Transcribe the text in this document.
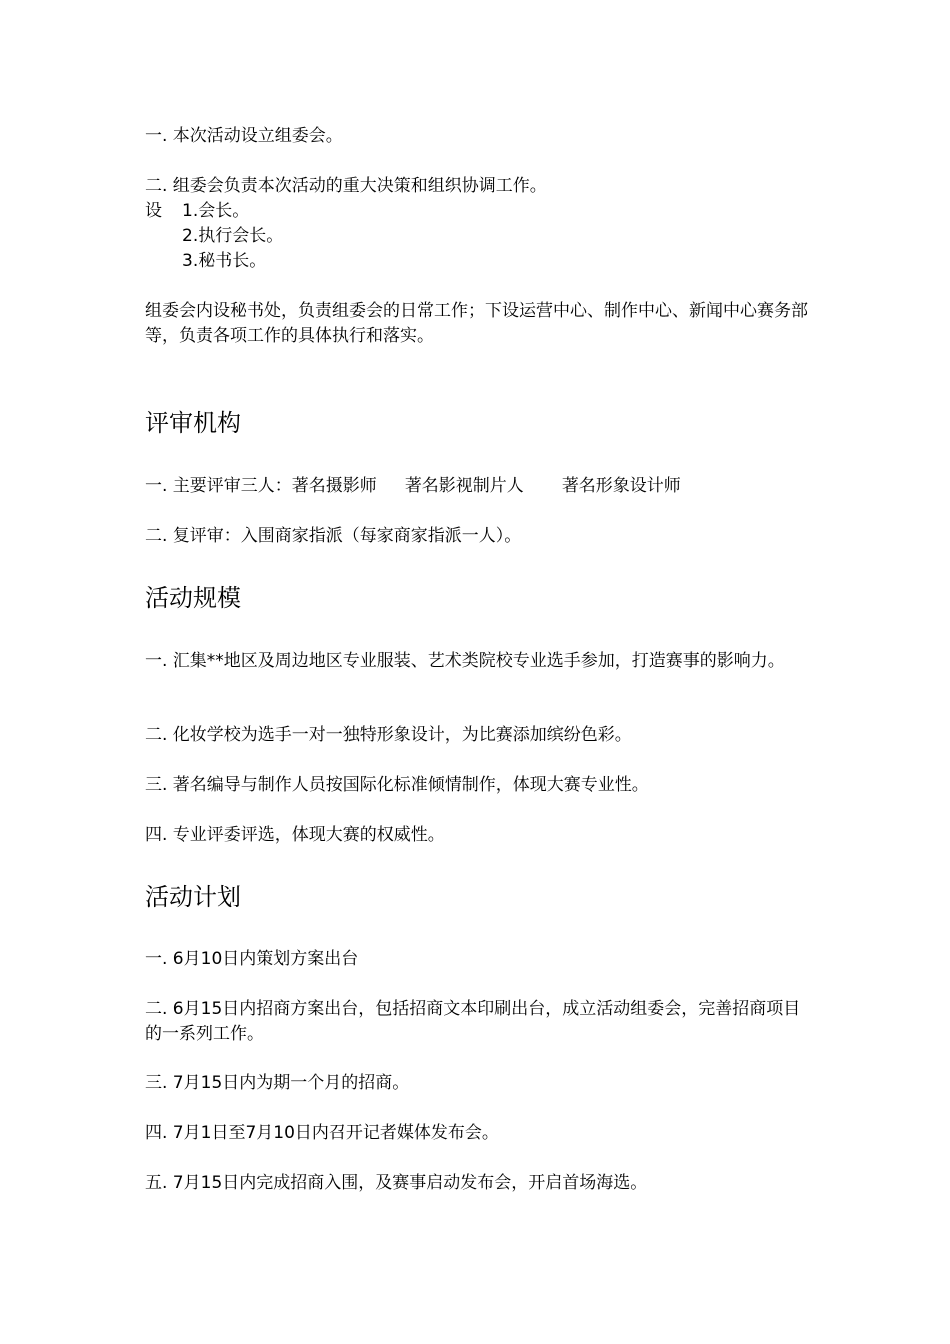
一. 本次活动设立组委会。
二. 组委会负责本次活动的重大决策和组织协调工作。
设 1.会长。
2.执行会长。
3.秘书长。
组委会内设秘书处，负责组委会的日常工作；下设运营中心、制作中心、新闻中心赛务部等，负责各项工作的具体执行和落实。
评审机构
一. 主要评审三人：著名摄影师 著名影视制片人 著名形象设计师
二. 复评审：入围商家指派（每家商家指派一人）。
活动规模
一. 汇集**地区及周边地区专业服装、艺术类院校专业选手参加，打造赛事的影响力。
二. 化妆学校为选手一对一独特形象设计，为比赛添加缤纷色彩。
三. 著名编导与制作人员按国际化标准倾情制作，体现大赛专业性。
四. 专业评委评选，体现大赛的权威性。
活动计划
一. 6月10日内策划方案出台
二. 6月15日内招商方案出台，包括招商文本印刷出台，成立活动组委会，完善招商项目的一系列工作。
三. 7月15日内为期一个月的招商。
四. 7月1日至7月10日内召开记者媒体发布会。
五. 7月15日内完成招商入围，及赛事启动发布会，开启首场海选。
